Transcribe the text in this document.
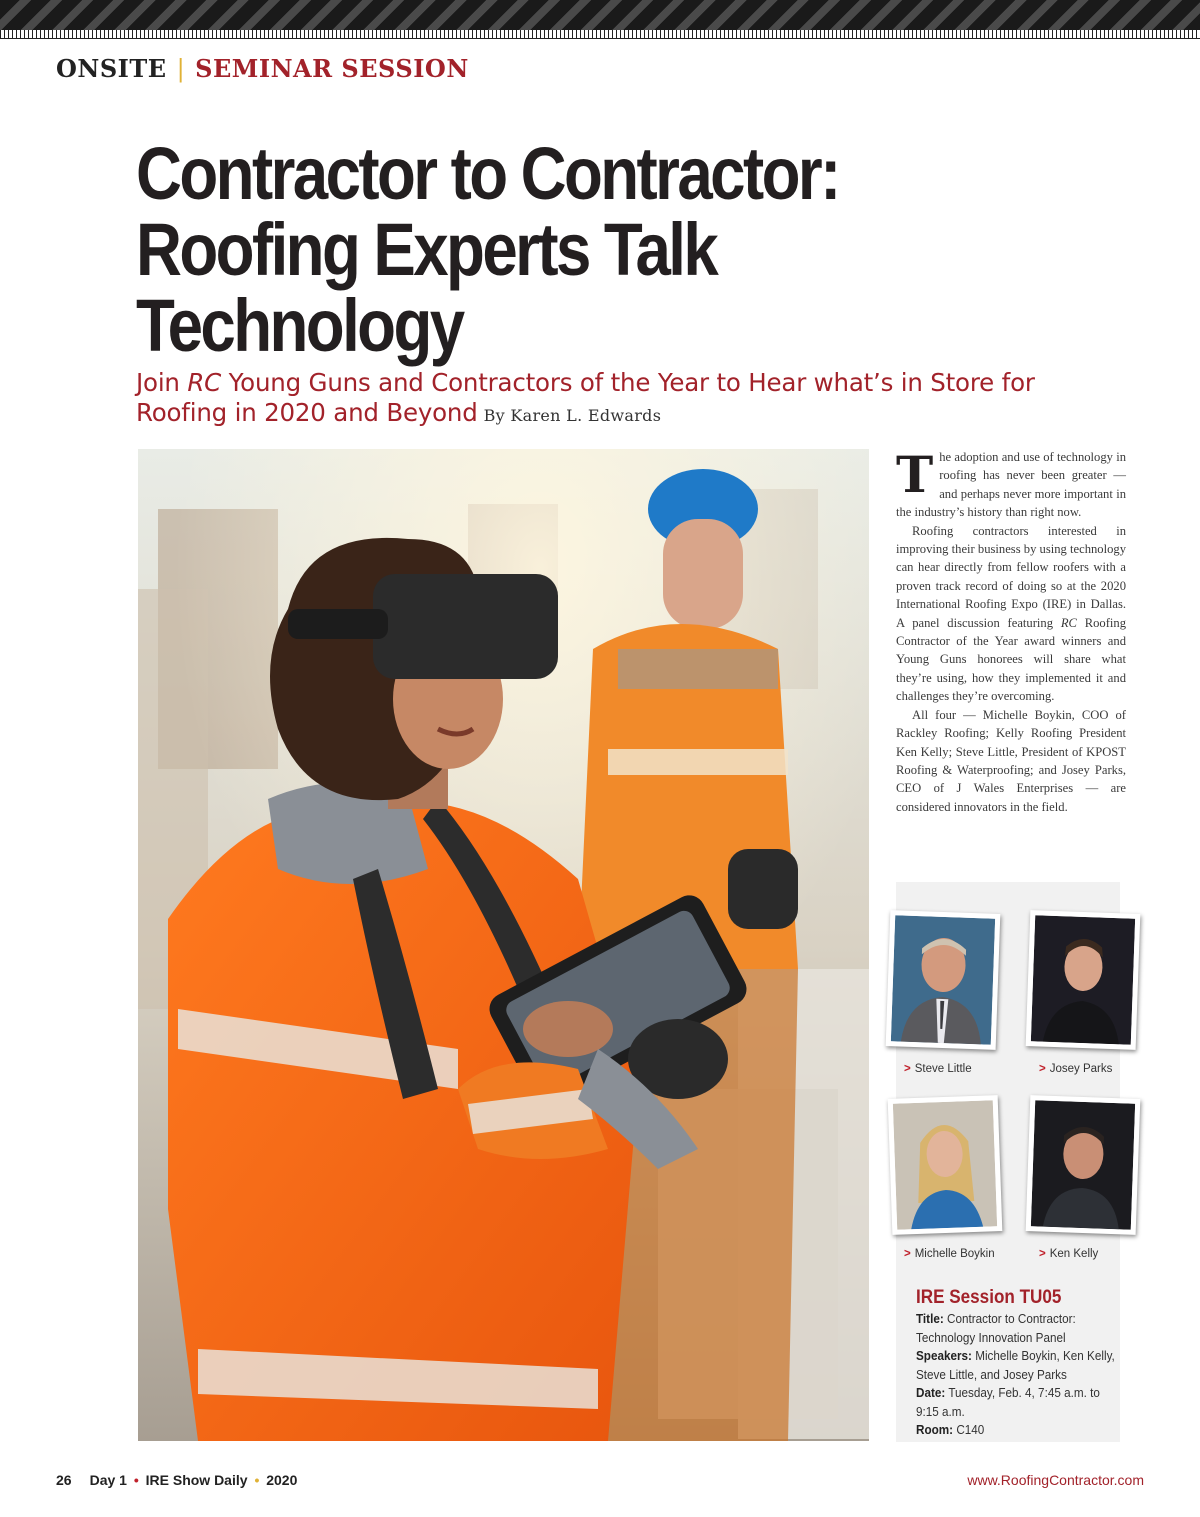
ONSITE | SEMINAR SESSION
Contractor to Contractor:
Roofing Experts Talk
Technology
Join RC Young Guns and Contractors of the Year to Hear what’s in Store for Roofing in 2020 and Beyond By Karen L. Edwards

The adoption and use of technology in roofing has never been greater — and perhaps never more important in the industry’s history than right now.

Roofing contractors interested in improving their business by using technology can hear directly from fellow roofers with a proven track record of doing so at the 2020 International Roofing Expo (IRE) in Dallas. A panel discussion featuring RC Roofing Contractor of the Year award winners and Young Guns honorees will share what they’re using, how they implemented it and challenges they’re overcoming.

All four — Michelle Boykin, COO of Rackley Roofing; Kelly Roofing President Ken Kelly; Steve Little, President of KPOST Roofing & Waterproofing; and Josey Parks, CEO of J Wales Enterprises — are considered innovators in the field.

> Steve Little	> Josey Parks
> Michelle Boykin	> Ken Kelly
IRE Session TU05
Title: Contractor to Contractor: Technology Innovation Panel
Speakers: Michelle Boykin, Ken Kelly, Steve Little, and Josey Parks
Date: Tuesday, Feb. 4, 7:45 a.m. to 9:15 a.m.
Room: C140
26 Day 1 • IRE Show Daily • 2020	www.RoofingContractor.com
